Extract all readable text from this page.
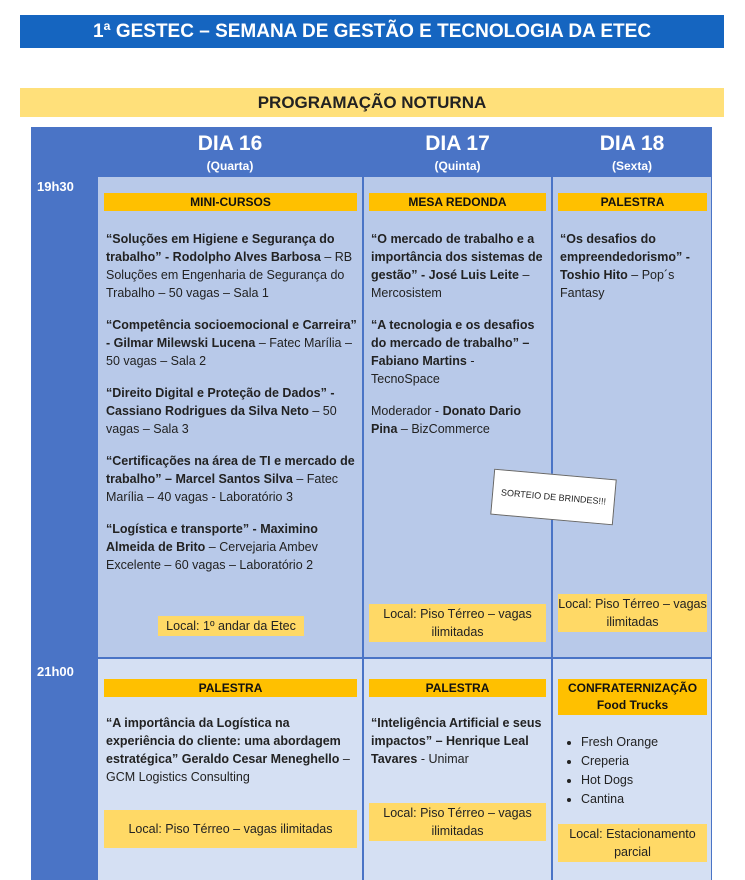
1ª GESTEC – SEMANA DE GESTÃO E TECNOLOGIA DA ETEC
PROGRAMAÇÃO NOTURNA
DIA 16
(Quarta)
DIA 17
(Quinta)
DIA 18
(Sexta)
19h30
21h00
MINI-CURSOS
“Soluções em Higiene e Segurança do trabalho” - Rodolpho Alves Barbosa – RB Soluções em Engenharia de Segurança do Trabalho – 50 vagas – Sala 1
“Competência socioemocional e Carreira” - Gilmar Milewski Lucena – Fatec Marília – 50 vagas – Sala 2
“Direito Digital e Proteção de Dados” - Cassiano Rodrigues da Silva Neto – 50 vagas – Sala 3
“Certificações na área de TI e mercado de trabalho” – Marcel Santos Silva – Fatec Marília – 40 vagas - Laboratório 3
“Logística e transporte” - Maximino Almeida de Brito – Cervejaria Ambev Excelente – 60 vagas – Laboratório 2
Local: 1º andar da Etec
MESA REDONDA
“O mercado de trabalho e a importância dos sistemas de gestão” - José Luis Leite – Mercosistem
“A tecnologia e os desafios do mercado de trabalho” – Fabiano Martins - TecnoSpace
Moderador - Donato Dario Pina – BizCommerce
SORTEIO DE BRINDES!!!
Local: Piso Térreo – vagas ilimitadas
PALESTRA
“Os desafios do empreendedorismo” - Toshio Hito – Pop´s Fantasy
Local: Piso Térreo – vagas ilimitadas
PALESTRA
“A importância da Logística na experiência do cliente: uma abordagem estratégica” Geraldo Cesar Meneghello – GCM Logistics Consulting
Local: Piso Térreo – vagas ilimitadas
PALESTRA
“Inteligência Artificial e seus impactos” – Henrique Leal Tavares - Unimar
Local: Piso Térreo – vagas ilimitadas
CONFRATERNIZAÇÃO
Food Trucks
• Fresh Orange
• Creperia
• Hot Dogs
• Cantina
Local: Estacionamento parcial
